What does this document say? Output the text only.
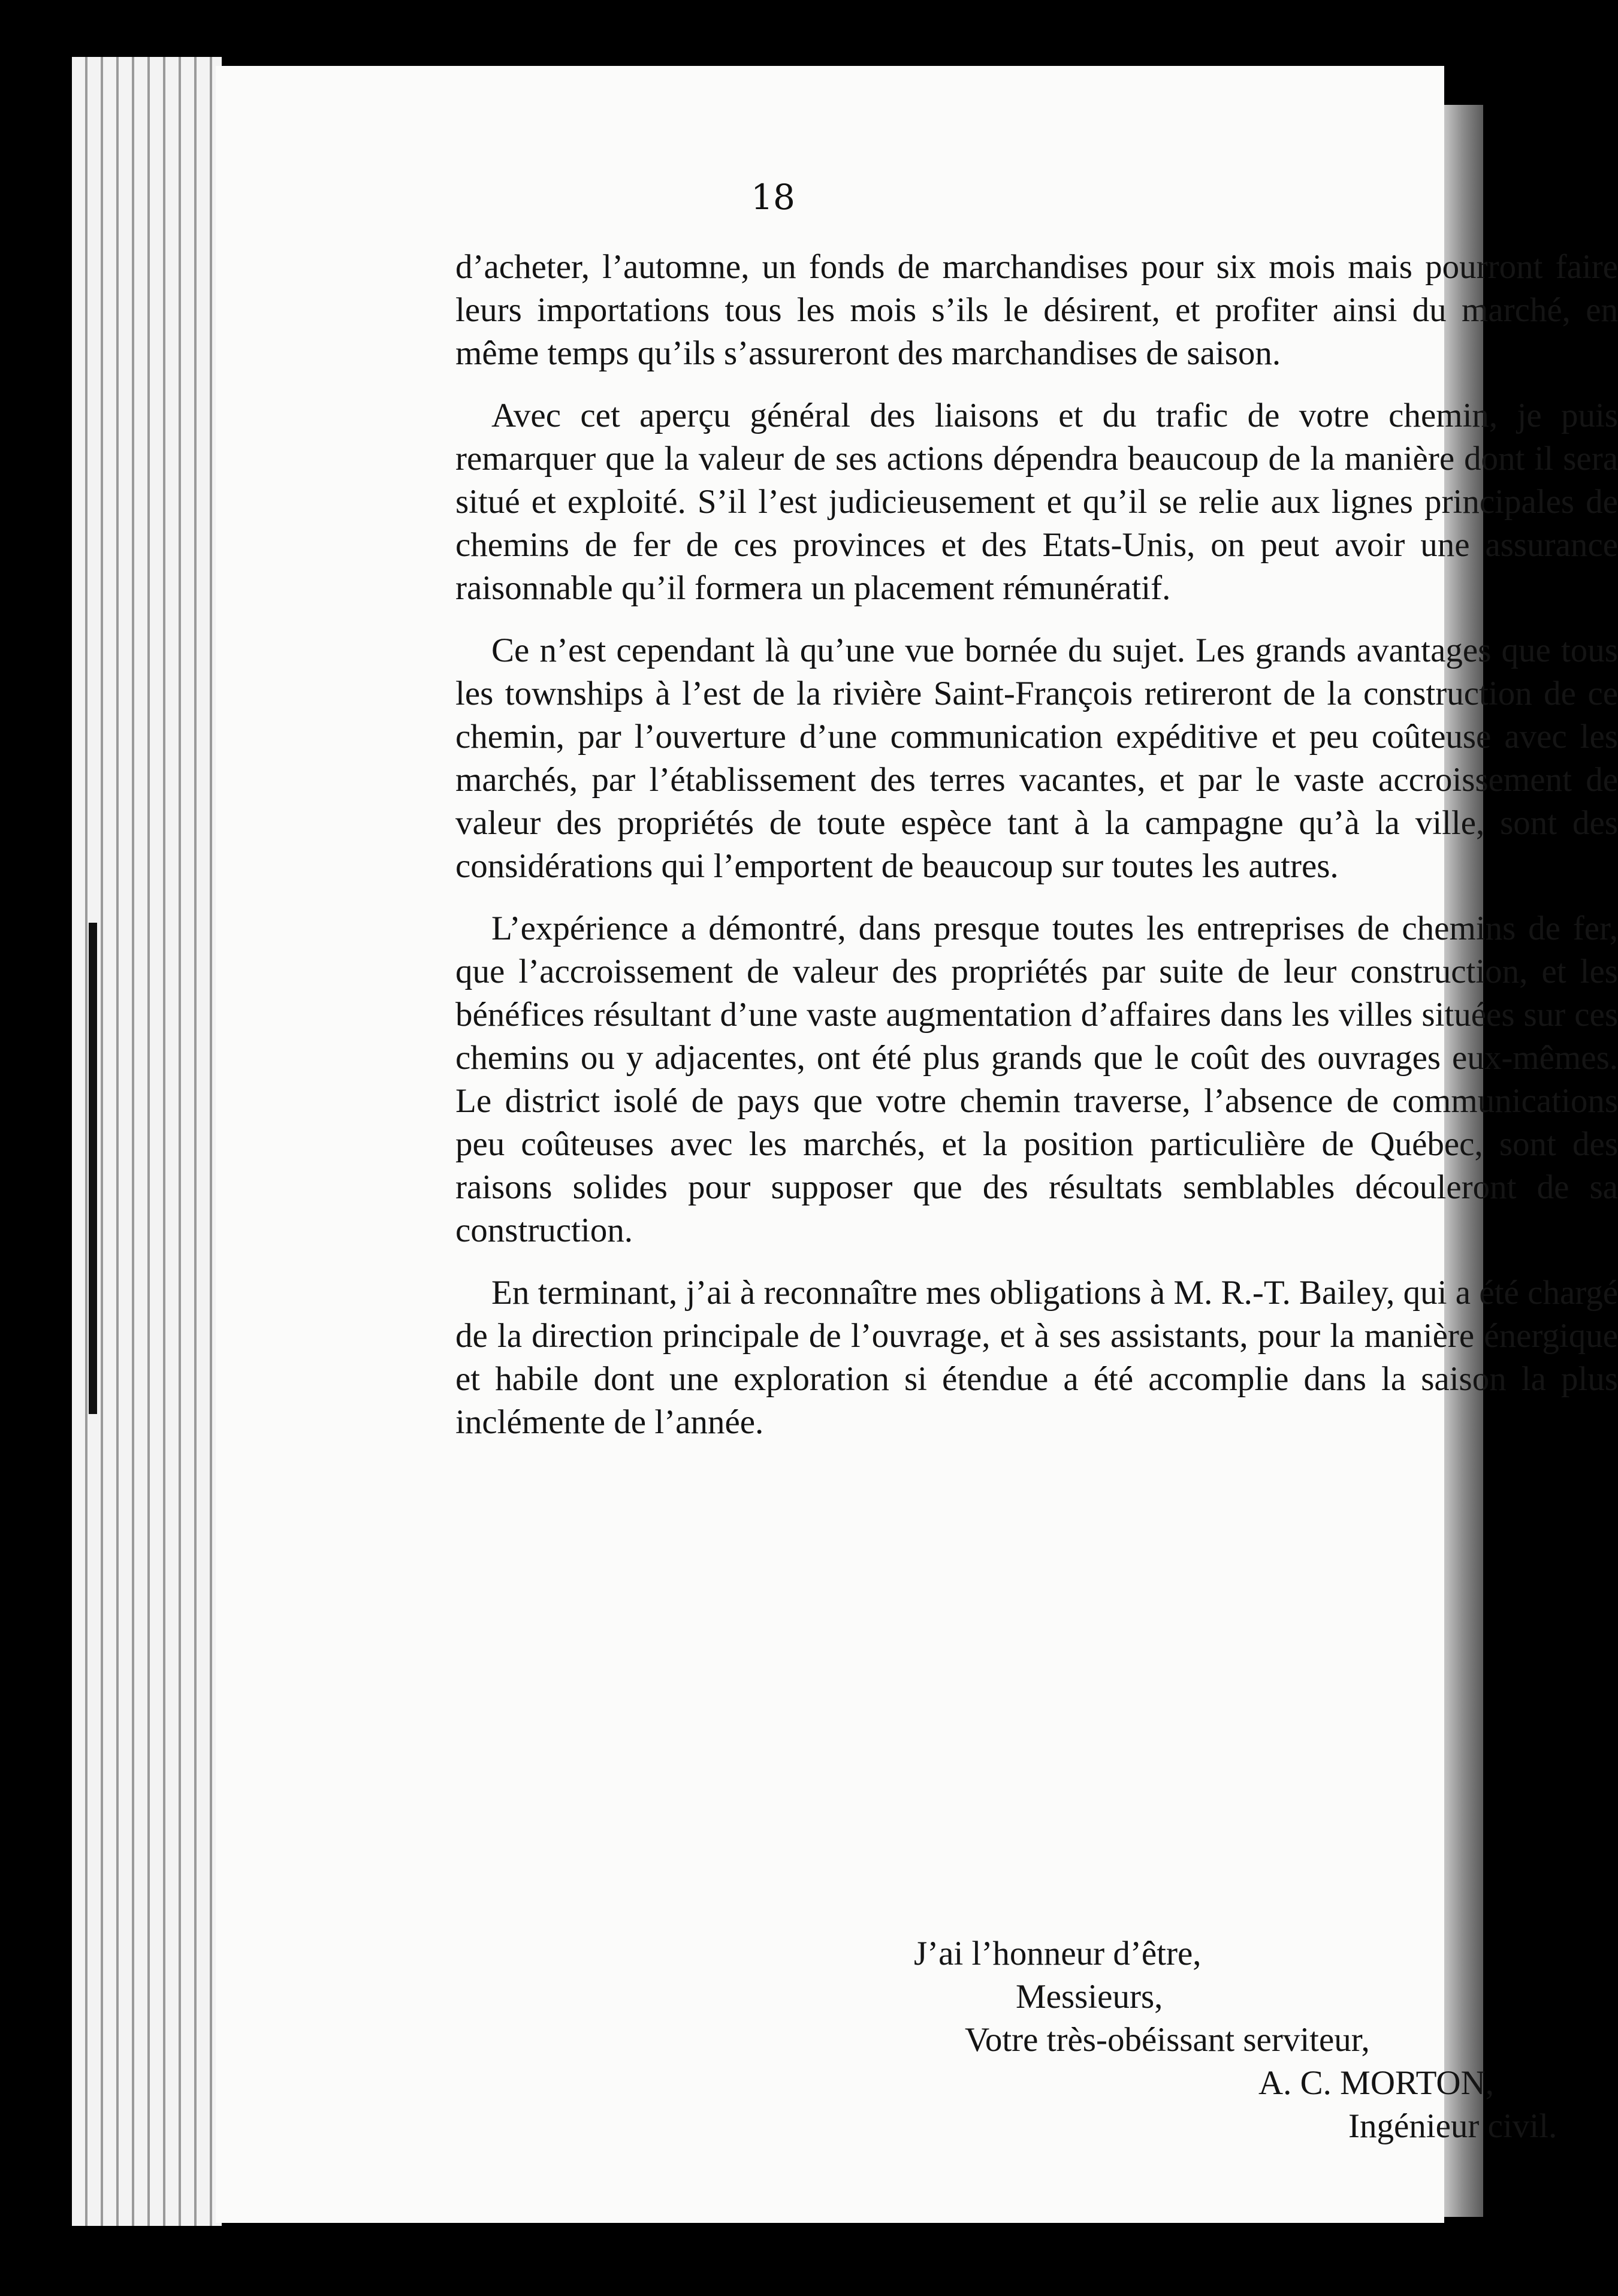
18

d’acheter, l’automne, un fonds de marchandises pour six mois mais pourront faire leurs importations tous les mois s’ils le désirent, et profiter ainsi du marché, en même temps qu’ils s’assureront des marchandises de saison.

Avec cet aperçu général des liaisons et du trafic de votre chemin, je puis remarquer que la valeur de ses actions dépendra beaucoup de la manière dont il sera situé et exploité. S’il l’est judicieusement et qu’il se relie aux lignes principales de chemins de fer de ces provinces et des Etats-Unis, on peut avoir une assurance raisonnable qu’il formera un placement rémunératif.

Ce n’est cependant là qu’une vue bornée du sujet. Les grands avantages que tous les townships à l’est de la rivière Saint-François retireront de la construction de ce chemin, par l’ouverture d’une communication expéditive et peu coûteuse avec les marchés, par l’établissement des terres vacantes, et par le vaste accroissement de valeur des propriétés de toute espèce tant à la campagne qu’à la ville, sont des considérations qui l’emportent de beaucoup sur toutes les autres.

L’expérience a démontré, dans presque toutes les entreprises de chemins de fer, que l’accroissement de valeur des propriétés par suite de leur construction, et les bénéfices résultant d’une vaste augmentation d’affaires dans les villes situées sur ces chemins ou y adjacentes, ont été plus grands que le coût des ouvrages eux-mêmes. Le district isolé de pays que votre chemin traverse, l’absence de communications peu coûteuses avec les marchés, et la position particulière de Québec, sont des raisons solides pour supposer que des résultats semblables découleront de sa construction.

En terminant, j’ai à reconnaître mes obligations à M. R.-T. Bailey, qui a été chargé de la direction principale de l’ouvrage, et à ses assistants, pour la manière énergique et habile dont une exploration si étendue a été accomplie dans la saison la plus inclémente de l’année.

J’ai l’honneur d’être,
Messieurs,
Votre très-obéissant serviteur,
A. C. MORTON,
Ingénieur civil.
